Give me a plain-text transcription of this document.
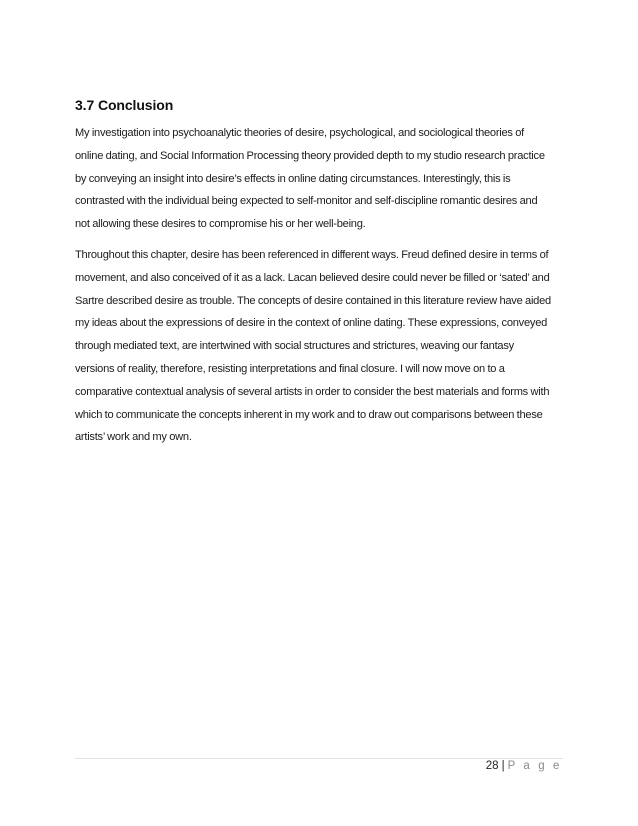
3.7 Conclusion
My investigation into psychoanalytic theories of desire, psychological, and sociological theories of
online dating, and Social Information Processing theory provided depth to my studio research practice
by conveying an insight into desire’s effects in online dating circumstances. Interestingly, this is
contrasted with the individual being expected to self-monitor and self-discipline romantic desires and
not allowing these desires to compromise his or her well-being.
Throughout this chapter, desire has been referenced in different ways. Freud defined desire in terms of
movement, and also conceived of it as a lack. Lacan believed desire could never be filled or ‘sated’ and
Sartre described desire as trouble. The concepts of desire contained in this literature review have aided
my ideas about the expressions of desire in the context of online dating. These expressions, conveyed
through mediated text, are intertwined with social structures and strictures, weaving our fantasy
versions of reality, therefore, resisting interpretations and final closure. I will now move on to a
comparative contextual analysis of several artists in order to consider the best materials and forms with
which to communicate the concepts inherent in my work and to draw out comparisons between these
artists’ work and my own.
28 | P a g e
